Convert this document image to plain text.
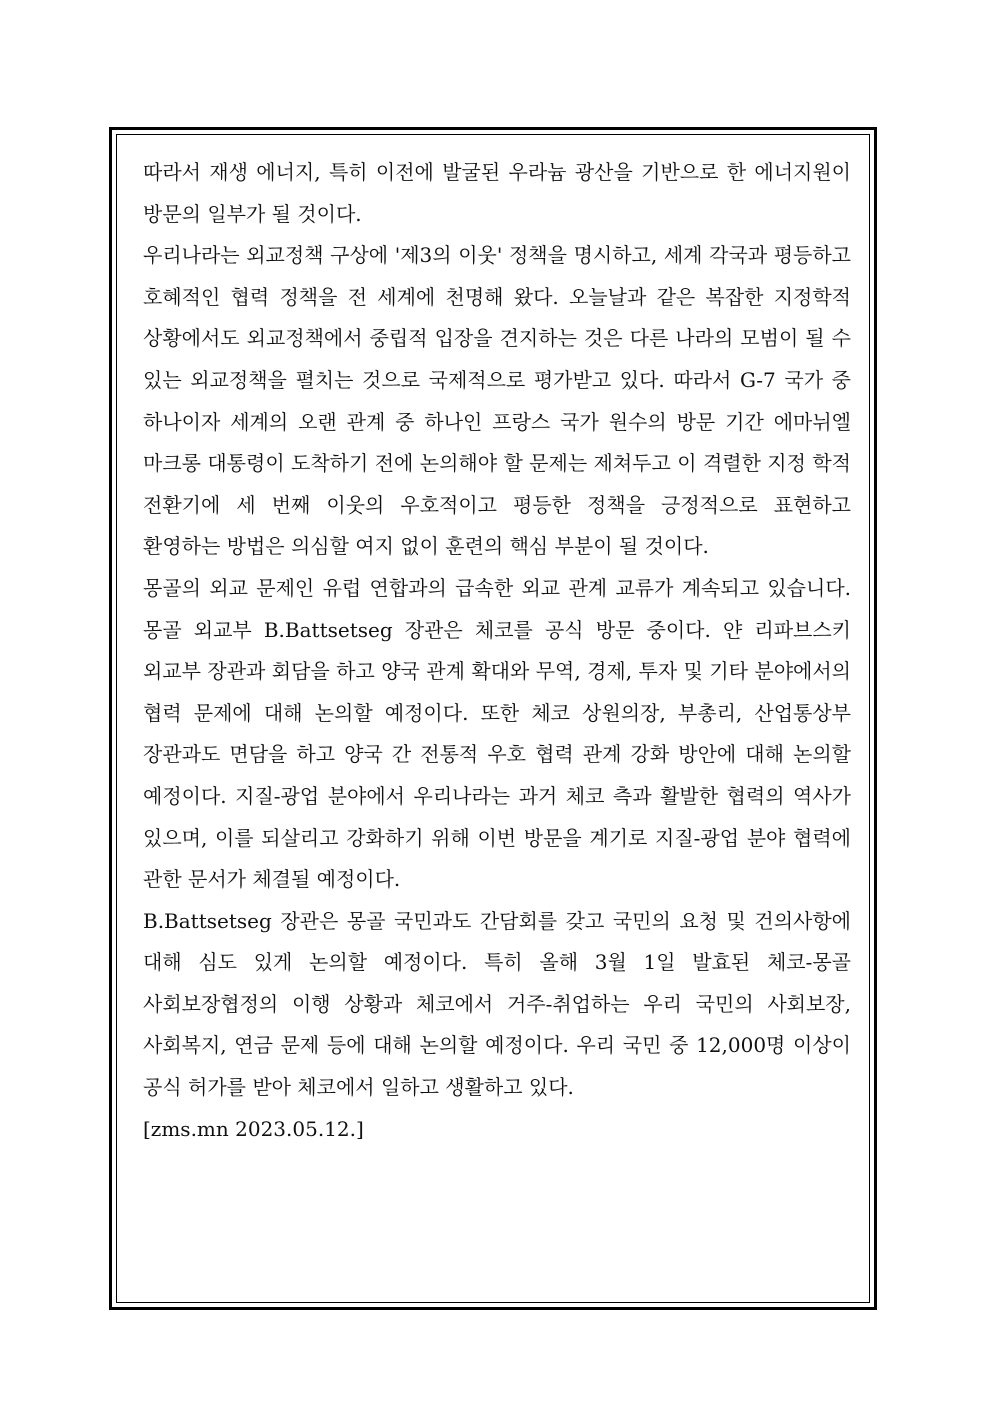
따라서 재생 에너지, 특히 이전에 발굴된 우라늄 광산을 기반으로 한 에너지원이 방문의 일부가 될 것이다.

우리나라는 외교정책 구상에 '제3의 이웃' 정책을 명시하고, 세계 각국과 평등하고 호혜적인 협력 정책을 전 세계에 천명해 왔다. 오늘날과 같은 복잡한 지정학적 상황에서도 외교정책에서 중립적 입장을 견지하는 것은 다른 나라의 모범이 될 수 있는 외교정책을 펼치는 것으로 국제적으로 평가받고 있다. 따라서 G-7 국가 중 하나이자 세계의 오랜 관계 중 하나인 프랑스 국가 원수의 방문 기간 에마뉘엘 마크롱 대통령이 도착하기 전에 논의해야 할 문제는 제쳐두고 이 격렬한 지정 학적 전환기에 세 번째 이웃의 우호적이고 평등한 정책을 긍정적으로 표현하고 환영하는 방법은 의심할 여지 없이 훈련의 핵심 부분이 될 것이다.

몽골의 외교 문제인 유럽 연합과의 급속한 외교 관계 교류가 계속되고 있습니다. 몽골 외교부 B.Battsetseg 장관은 체코를 공식 방문 중이다. 얀 리파브스키 외교부 장관과 회담을 하고 양국 관계 확대와 무역, 경제, 투자 및 기타 분야에서의 협력 문제에 대해 논의할 예정이다. 또한 체코 상원의장, 부총리, 산업통상부 장관과도 면담을 하고 양국 간 전통적 우호 협력 관계 강화 방안에 대해 논의할 예정이다. 지질-광업 분야에서 우리나라는 과거 체코 측과 활발한 협력의 역사가 있으며, 이를 되살리고 강화하기 위해 이번 방문을 계기로 지질-광업 분야 협력에 관한 문서가 체결될 예정이다.

B.Battsetseg 장관은 몽골 국민과도 간담회를 갖고 국민의 요청 및 건의사항에 대해 심도 있게 논의할 예정이다. 특히 올해 3월 1일 발효된 체코-몽골 사회보장협정의 이행 상황과 체코에서 거주-취업하는 우리 국민의 사회보장, 사회복지, 연금 문제 등에 대해 논의할 예정이다. 우리 국민 중 12,000명 이상이 공식 허가를 받아 체코에서 일하고 생활하고 있다.

[zms.mn 2023.05.12.]
